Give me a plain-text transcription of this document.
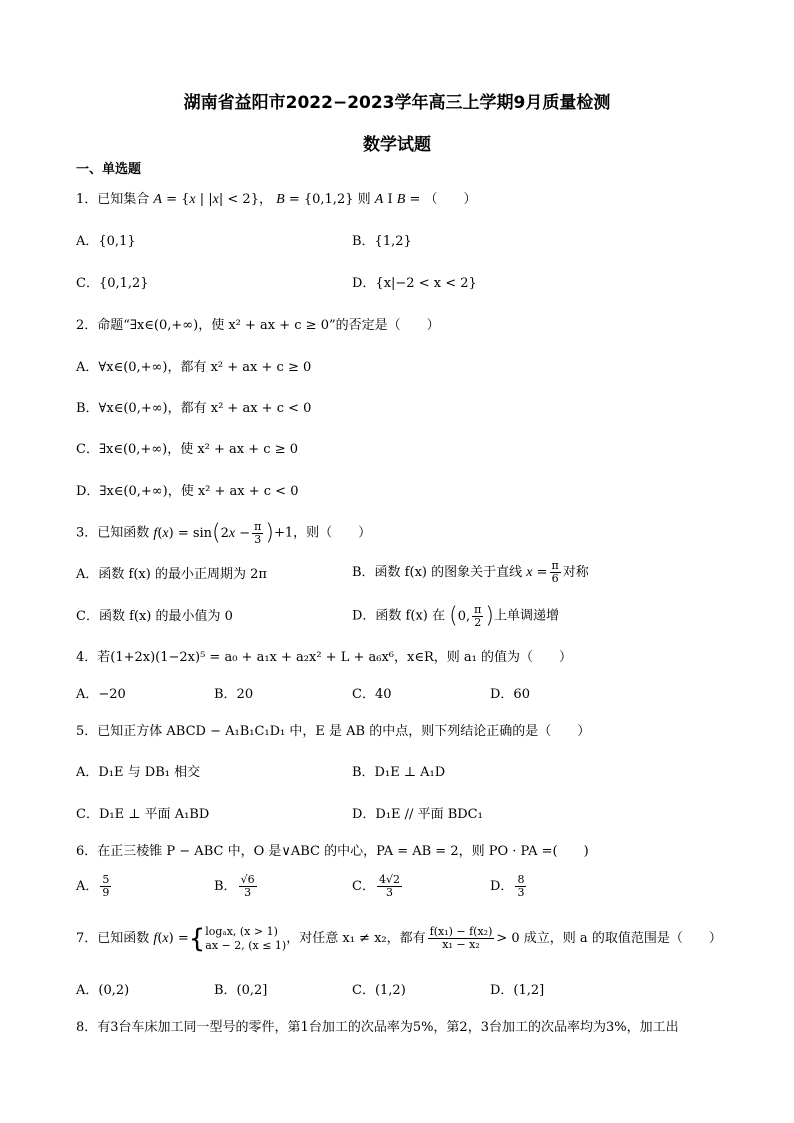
湖南省益阳市2022−2023学年高三上学期9月质量检测
数学试题
一、单选题
1．已知集合 A = {x | |x| < 2}， B = {0,1,2} 则 A I B = （　　）
A．{0,1}	B．{1,2}
C．{0,1,2}	D．{x|−2 < x < 2}
2．命题“∃x∈(0,+∞)，使 x² + ax + c ≥ 0”的否定是（　　）
A．∀x∈(0,+∞)，都有 x² + ax + c ≥ 0
B．∀x∈(0,+∞)，都有 x² + ax + c < 0
C．∃x∈(0,+∞)，使 x² + ax + c ≥ 0
D．∃x∈(0,+∞)，使 x² + ax + c < 0
3．已知函数 $f(x) = \sin(2x - \frac{\pi}{3} )+1$，则（　　）
A．函数 f(x) 的最小正周期为 2π	B．函数 f(x) 的图象关于直线 $x = \frac{\pi}{6}$ 对称
C．函数 f(x) 的最小值为 0	D．函数 f(x) 在 (0, $\frac{\pi}{2}$ )上单调递增
4．若(1+2x)(1−2x)⁵ = a₀ + a₁x + a₂x² + L + a₆x⁶，x∈R，则 a₁ 的值为（　　）
A．−20	B．20	C．40	D．60
5．已知正方体 ABCD − A₁B₁C₁D₁ 中，E 是 AB 的中点，则下列结论正确的是（　　）
A．D₁E 与 DB₁ 相交	B．D₁E ⊥ A₁D
C．D₁E ⊥ 平面 A₁BD	D．D₁E // 平面 BDC₁
6．在正三棱锥 P − ABC 中，O 是∨ABC 的中心，PA = AB = 2，则 PO · PA =(　　)
A． $\frac{5}{9}$	B． $\frac{√6}{3}$	C． $\frac{4√2}{3}$	D． $\frac{8}{3}$
7．已知函数 f(x) ={ logₐx, (x > 1)
ax − 2, (x ≤ 1) ，对任意 x₁ ≠ x₂，都有 $\frac{\text{f(x₁) − f(x₂)}}{\text{x₁ − x₂}} > 0$ 成立，则 a 的取值范围是（　　）
A．(0,2)	B．(0,2]	C．(1,2)	D．(1,2]
8．有3台车床加工同一型号的零件，第1台加工的次品率为5%，第2，3台加工的次品率均为3%，加工出
